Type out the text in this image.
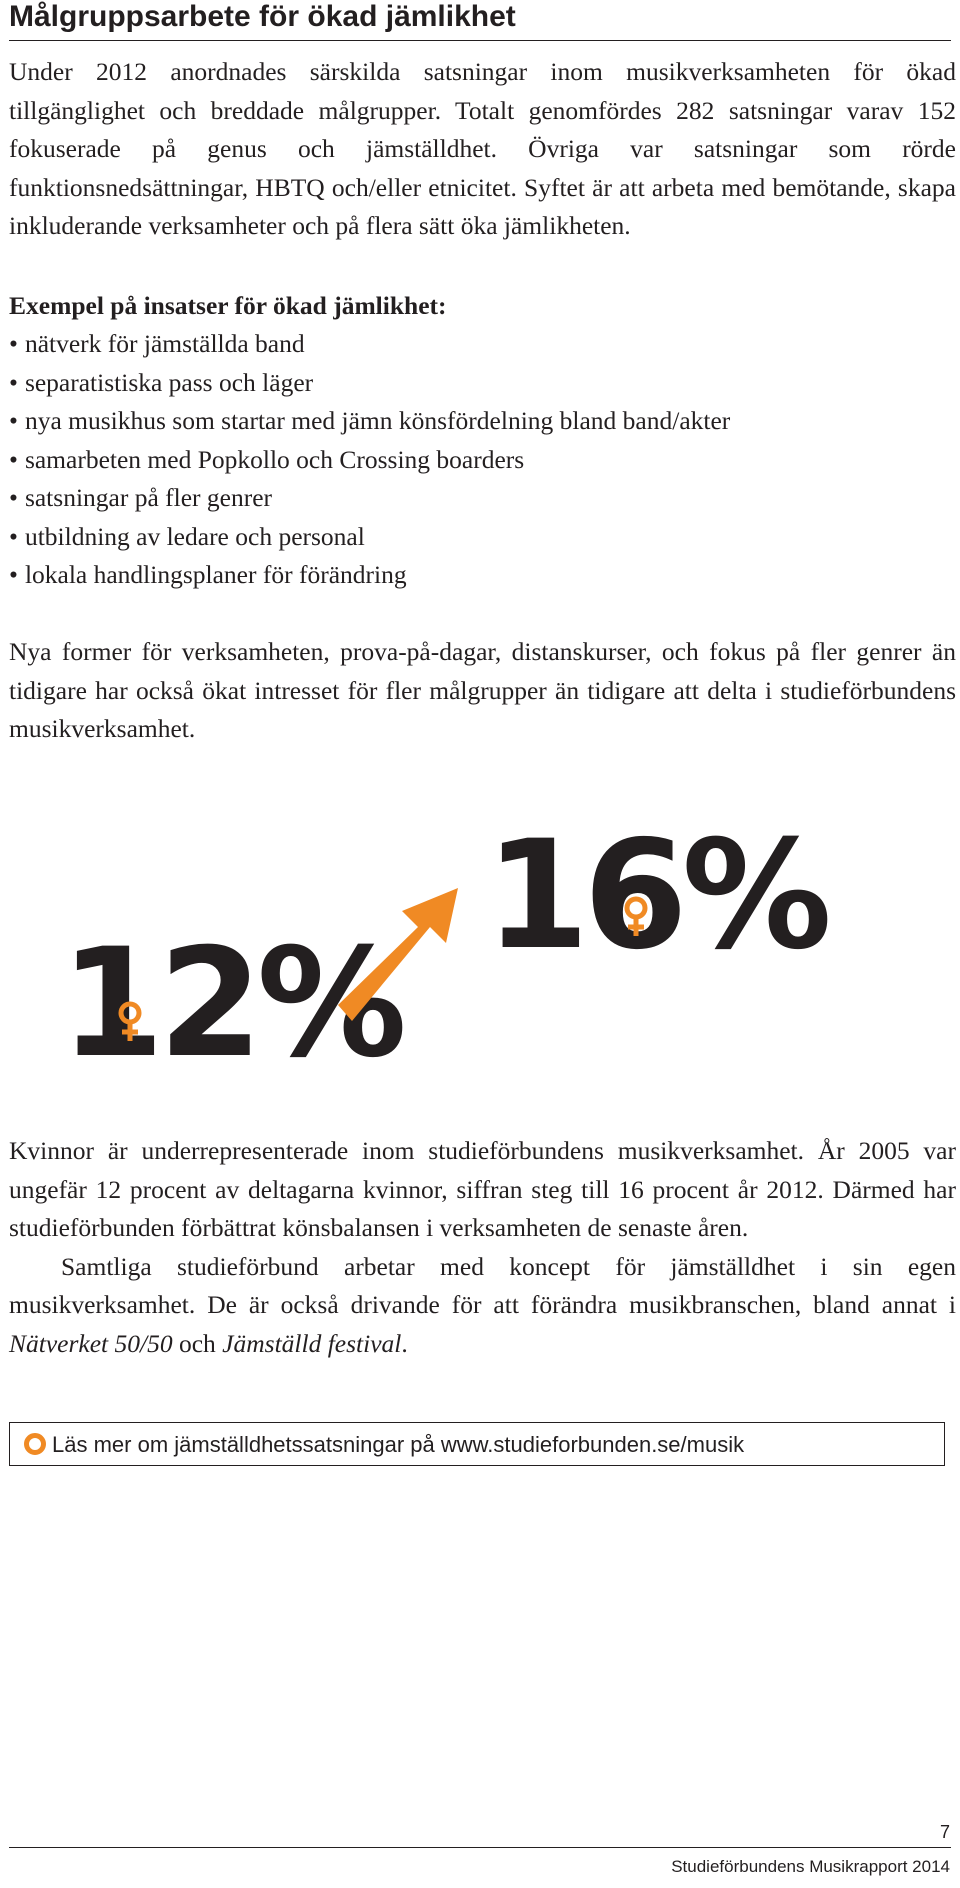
Målgruppsarbete för ökad jämlikhet

Under 2012 anordnades särskilda satsningar inom musikverksamheten för ökad tillgänglighet och breddade målgrupper. Totalt genomfördes 282 satsningar varav 152 fokuserade på genus och jämställdhet. Övriga var satsningar som rörde funktionsnedsättningar, HBTQ och/eller etnicitet. Syftet är att arbeta med bemötande, skapa inkluderande verksamheter och på flera sätt öka jämlikheten.

Exempel på insatser för ökad jämlikhet:

• nätverk för jämställda band
• separatistiska pass och läger
• nya musikhus som startar med jämn könsfördelning bland band/akter
• samarbeten med Popkollo och Crossing boarders
• satsningar på fler genrer
• utbildning av ledare och personal
• lokala handlingsplaner för förändring

Nya former för verksamheten, prova-på-dagar, distanskurser, och fokus på fler genrer än tidigare har också ökat intresset för fler målgrupper än tidigare att delta i studieförbundens musikverksamhet.

12%
16%

Kvinnor är underrepresenterade inom studieförbundens musikverksamhet. År 2005 var ungefär 12 procent av deltagarna kvinnor, siffran steg till 16 procent år 2012. Därmed har studieförbunden förbättrat könsbalansen i verksamheten de senaste åren.

Samtliga studieförbund arbetar med koncept för jämställdhet i sin egen musikverksamhet. De är också drivande för att förändra musikbranschen, bland annat i Nätverket 50/50 och Jämställd festival.

Läs mer om jämställdhetssatsningar på www.studieforbunden.se/musik
7
Studieförbundens Musikrapport 2014
